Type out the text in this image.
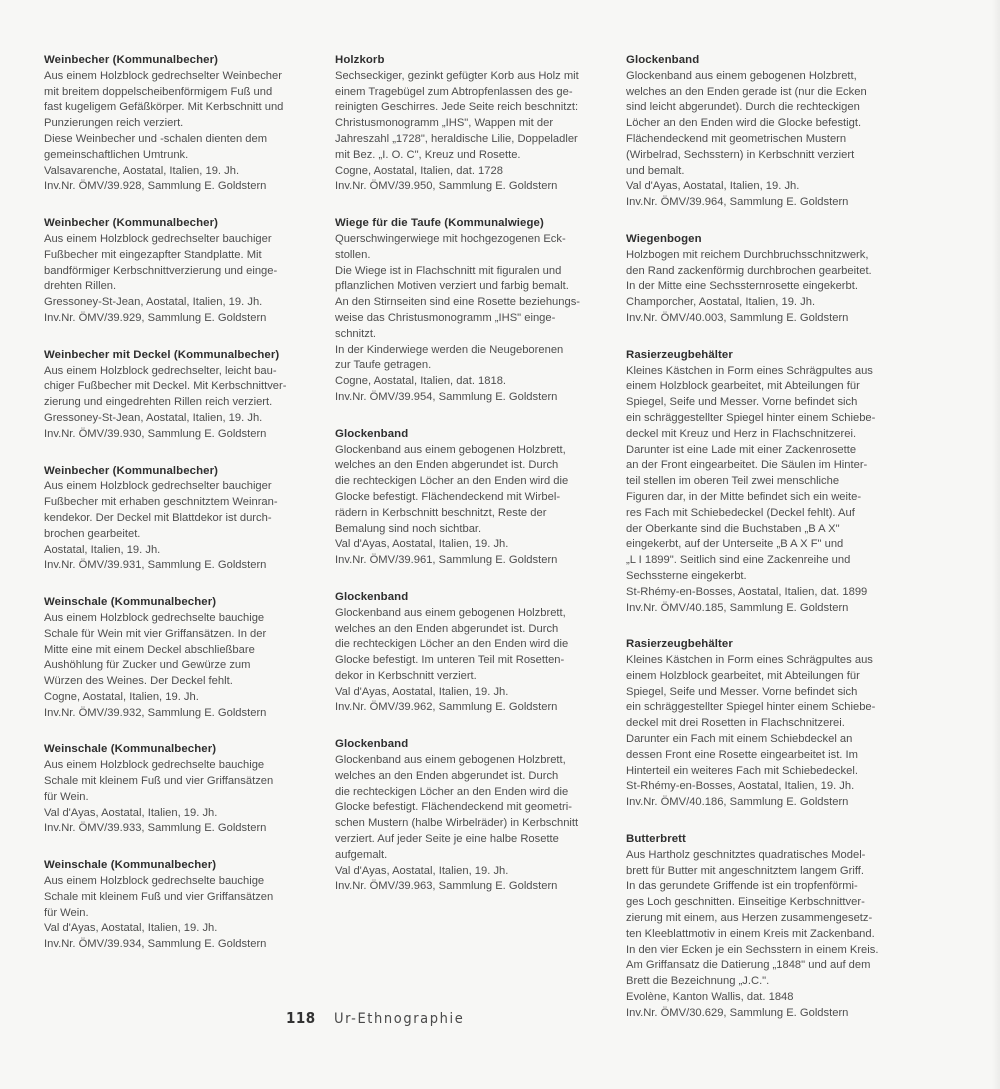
Weinbecher (Kommunalbecher)
Aus einem Holzblock gedrechselter Weinbecher
mit breitem doppelscheibenförmigem Fuß und
fast kugeligem Gefäßkörper. Mit Kerbschnitt und
Punzierungen reich verziert.
Diese Weinbecher und -schalen dienten dem
gemeinschaftlichen Umtrunk.
Valsavarenche, Aostatal, Italien, 19. Jh.
Inv.Nr. ÖMV/39.928, Sammlung E. Goldstern
Weinbecher (Kommunalbecher)
Aus einem Holzblock gedrechselter bauchiger
Fußbecher mit eingezapfter Standplatte. Mit
bandförmiger Kerbschnittverzierung und einge-
drehten Rillen.
Gressoney-St-Jean, Aostatal, Italien, 19. Jh.
Inv.Nr. ÖMV/39.929, Sammlung E. Goldstern
Weinbecher mit Deckel (Kommunalbecher)
Aus einem Holzblock gedrechselter, leicht bau-
chiger Fußbecher mit Deckel. Mit Kerbschnittver-
zierung und eingedrehten Rillen reich verziert.
Gressoney-St-Jean, Aostatal, Italien, 19. Jh.
Inv.Nr. ÖMV/39.930, Sammlung E. Goldstern
Weinbecher (Kommunalbecher)
Aus einem Holzblock gedrechselter bauchiger
Fußbecher mit erhaben geschnitztem Weinran-
kendekor. Der Deckel mit Blattdekor ist durch-
brochen gearbeitet.
Aostatal, Italien, 19. Jh.
Inv.Nr. ÖMV/39.931, Sammlung E. Goldstern
Weinschale (Kommunalbecher)
Aus einem Holzblock gedrechselte bauchige
Schale für Wein mit vier Griffansätzen. In der
Mitte eine mit einem Deckel abschließbare
Aushöhlung für Zucker und Gewürze zum
Würzen des Weines. Der Deckel fehlt.
Cogne, Aostatal, Italien, 19. Jh.
Inv.Nr. ÖMV/39.932, Sammlung E. Goldstern
Weinschale (Kommunalbecher)
Aus einem Holzblock gedrechselte bauchige
Schale mit kleinem Fuß und vier Griffansätzen
für Wein.
Val d'Ayas, Aostatal, Italien, 19. Jh.
Inv.Nr. ÖMV/39.933, Sammlung E. Goldstern
Weinschale (Kommunalbecher)
Aus einem Holzblock gedrechselte bauchige
Schale mit kleinem Fuß und vier Griffansätzen
für Wein.
Val d'Ayas, Aostatal, Italien, 19. Jh.
Inv.Nr. ÖMV/39.934, Sammlung E. Goldstern
Holzkorb
Sechseckiger, gezinkt gefügter Korb aus Holz mit
einem Tragebügel zum Abtropfenlassen des ge-
reinigten Geschirres. Jede Seite reich beschnitzt:
Christusmonogramm „IHS", Wappen mit der
Jahreszahl „1728", heraldische Lilie, Doppeladler
mit Bez. „I. O. C", Kreuz und Rosette.
Cogne, Aostatal, Italien, dat. 1728
Inv.Nr. ÖMV/39.950, Sammlung E. Goldstern
Wiege für die Taufe (Kommunalwiege)
Querschwingerwiege mit hochgezogenen Eck-
stollen.
Die Wiege ist in Flachschnitt mit figuralen und
pflanzlichen Motiven verziert und farbig bemalt.
An den Stirnseiten sind eine Rosette beziehungs-
weise das Christusmonogramm „IHS" einge-
schnitzt.
In der Kinderwiege werden die Neugeborenen
zur Taufe getragen.
Cogne, Aostatal, Italien, dat. 1818.
Inv.Nr. ÖMV/39.954, Sammlung E. Goldstern
Glockenband
Glockenband aus einem gebogenen Holzbrett,
welches an den Enden abgerundet ist. Durch
die rechteckigen Löcher an den Enden wird die
Glocke befestigt. Flächendeckend mit Wirbel-
rädern in Kerbschnitt beschnitzt, Reste der
Bemalung sind noch sichtbar.
Val d'Ayas, Aostatal, Italien, 19. Jh.
Inv.Nr. ÖMV/39.961, Sammlung E. Goldstern
Glockenband
Glockenband aus einem gebogenen Holzbrett,
welches an den Enden abgerundet ist. Durch
die rechteckigen Löcher an den Enden wird die
Glocke befestigt. Im unteren Teil mit Rosetten-
dekor in Kerbschnitt verziert.
Val d'Ayas, Aostatal, Italien, 19. Jh.
Inv.Nr. ÖMV/39.962, Sammlung E. Goldstern
Glockenband
Glockenband aus einem gebogenen Holzbrett,
welches an den Enden abgerundet ist. Durch
die rechteckigen Löcher an den Enden wird die
Glocke befestigt. Flächendeckend mit geometri-
schen Mustern (halbe Wirbelräder) in Kerbschnitt
verziert. Auf jeder Seite je eine halbe Rosette
aufgemalt.
Val d'Ayas, Aostatal, Italien, 19. Jh.
Inv.Nr. ÖMV/39.963, Sammlung E. Goldstern
Glockenband
Glockenband aus einem gebogenen Holzbrett,
welches an den Enden gerade ist (nur die Ecken
sind leicht abgerundet). Durch die rechteckigen
Löcher an den Enden wird die Glocke befestigt.
Flächendeckend mit geometrischen Mustern
(Wirbelrad, Sechsstern) in Kerbschnitt verziert
und bemalt.
Val d'Ayas, Aostatal, Italien, 19. Jh.
Inv.Nr. ÖMV/39.964, Sammlung E. Goldstern
Wiegenbogen
Holzbogen mit reichem Durchbruchsschnitzwerk,
den Rand zackenförmig durchbrochen gearbeitet.
In der Mitte eine Sechssternrosette eingekerbt.
Champorcher, Aostatal, Italien, 19. Jh.
Inv.Nr. ÖMV/40.003, Sammlung E. Goldstern
Rasierzeugbehälter
Kleines Kästchen in Form eines Schrägpultes aus
einem Holzblock gearbeitet, mit Abteilungen für
Spiegel, Seife und Messer. Vorne befindet sich
ein schräggestellter Spiegel hinter einem Schiebe-
deckel mit Kreuz und Herz in Flachschnitzerei.
Darunter ist eine Lade mit einer Zackenrosette
an der Front eingearbeitet. Die Säulen im Hinter-
teil stellen im oberen Teil zwei menschliche
Figuren dar, in der Mitte befindet sich ein weite-
res Fach mit Schiebedeckel (Deckel fehlt). Auf
der Oberkante sind die Buchstaben „B A X"
eingekerbt, auf der Unterseite „B A X F" und
„L I 1899". Seitlich sind eine Zackenreihe und
Sechssterne eingekerbt.
St-Rhémy-en-Bosses, Aostatal, Italien, dat. 1899
Inv.Nr. ÖMV/40.185, Sammlung E. Goldstern
Rasierzeugbehälter
Kleines Kästchen in Form eines Schrägpultes aus
einem Holzblock gearbeitet, mit Abteilungen für
Spiegel, Seife und Messer. Vorne befindet sich
ein schräggestellter Spiegel hinter einem Schiebe-
deckel mit drei Rosetten in Flachschnitzerei.
Darunter ein Fach mit einem Schiebdeckel an
dessen Front eine Rosette eingearbeitet ist. Im
Hinterteil ein weiteres Fach mit Schiebedeckel.
St-Rhémy-en-Bosses, Aostatal, Italien, 19. Jh.
Inv.Nr. ÖMV/40.186, Sammlung E. Goldstern
Butterbrett
Aus Hartholz geschnitztes quadratisches Model-
brett für Butter mit angeschnitztem langem Griff.
In das gerundete Griffende ist ein tropfenförmi-
ges Loch geschnitten. Einseitige Kerbschnittver-
zierung mit einem, aus Herzen zusammengesetz-
ten Kleeblattmotiv in einem Kreis mit Zackenband.
In den vier Ecken je ein Sechsstern in einem Kreis.
Am Griffansatz die Datierung „1848" und auf dem
Brett die Bezeichnung „J.C.".
Evolène, Kanton Wallis, dat. 1848
Inv.Nr. ÖMV/30.629, Sammlung E. Goldstern
118 Ur-Ethnographie
